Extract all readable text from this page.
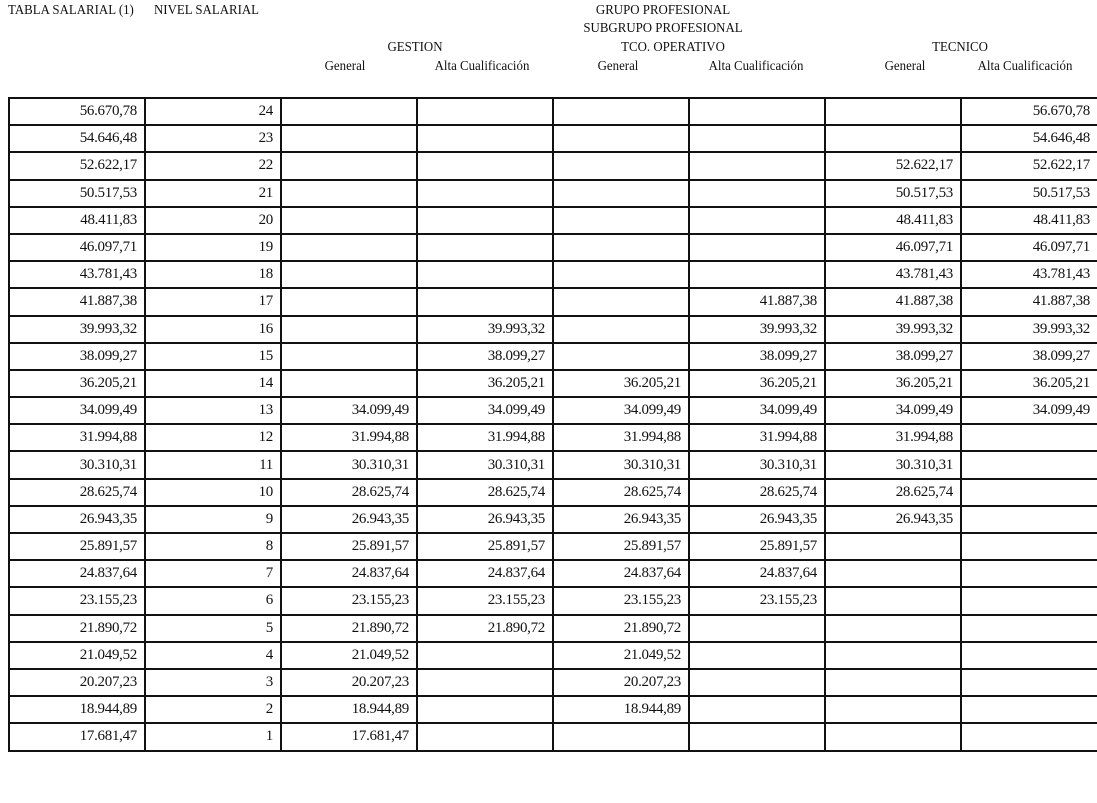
TABLA SALARIAL (1) NIVEL SALARIAL	GRUPO PROFESIONAL
SUBGRUPO PROFESIONAL
GESTION	TCO. OPERATIVO	TECNICO
General	Alta Cualificación	General	Alta Cualificación	General	Alta Cualificación
56.670,78	24						56.670,78
54.646,48	23						54.646,48
52.622,17	22					52.622,17	52.622,17
50.517,53	21					50.517,53	50.517,53
48.411,83	20					48.411,83	48.411,83
46.097,71	19					46.097,71	46.097,71
43.781,43	18					43.781,43	43.781,43
41.887,38	17				41.887,38	41.887,38	41.887,38
39.993,32	16		39.993,32		39.993,32	39.993,32	39.993,32
38.099,27	15		38.099,27		38.099,27	38.099,27	38.099,27
36.205,21	14		36.205,21	36.205,21	36.205,21	36.205,21	36.205,21
34.099,49	13	34.099,49	34.099,49	34.099,49	34.099,49	34.099,49	34.099,49
31.994,88	12	31.994,88	31.994,88	31.994,88	31.994,88	31.994,88	
30.310,31	11	30.310,31	30.310,31	30.310,31	30.310,31	30.310,31	
28.625,74	10	28.625,74	28.625,74	28.625,74	28.625,74	28.625,74	
26.943,35	9	26.943,35	26.943,35	26.943,35	26.943,35	26.943,35	
25.891,57	8	25.891,57	25.891,57	25.891,57	25.891,57		
24.837,64	7	24.837,64	24.837,64	24.837,64	24.837,64		
23.155,23	6	23.155,23	23.155,23	23.155,23	23.155,23		
21.890,72	5	21.890,72	21.890,72	21.890,72			
21.049,52	4	21.049,52		21.049,52			
20.207,23	3	20.207,23		20.207,23			
18.944,89	2	18.944,89		18.944,89			
17.681,47	1	17.681,47					
